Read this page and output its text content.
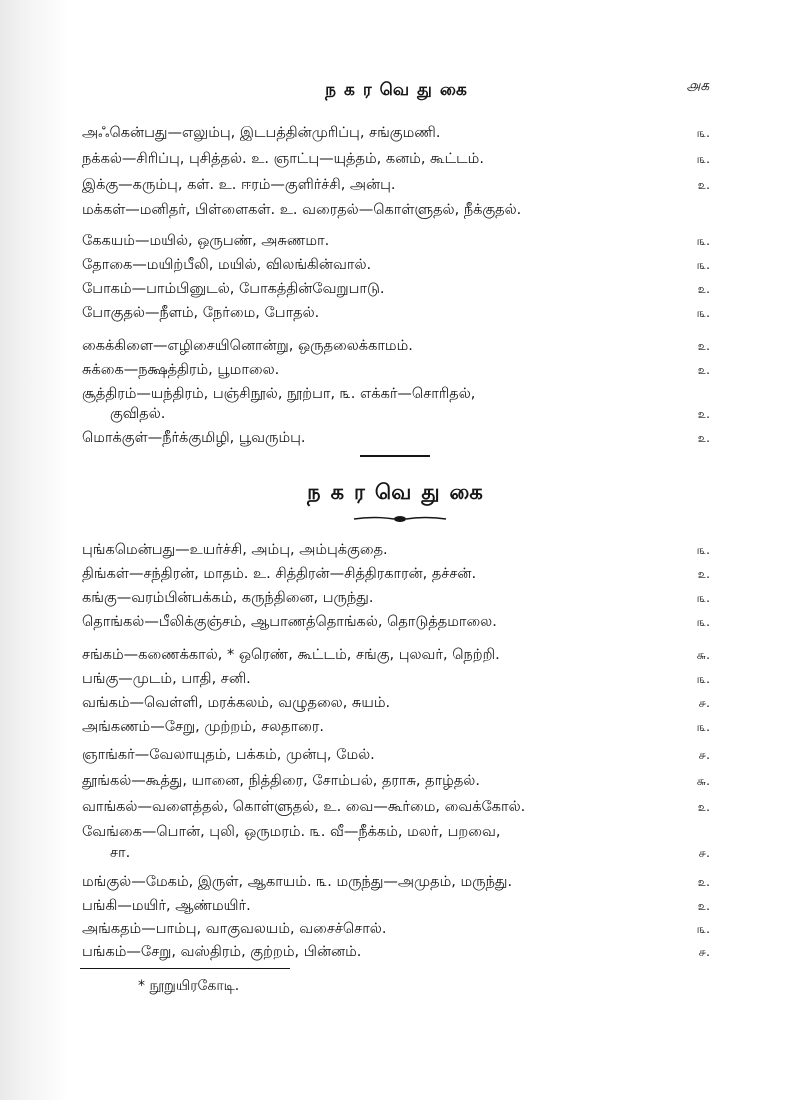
நகரவெதுகை	௮௧
அஃகென்பது—எலும்பு, இடபத்தின்முரிப்பு, சங்குமணி.	௩.
நக்கல்—சிரிப்பு, புசித்தல். உ. ஞாட்பு—யுத்தம், கனம், கூட்டம்.	௩.
இக்கு—கரும்பு, கள். உ. ஈரம்—குளிர்ச்சி, அன்பு.	௨.
மக்கள்—மனிதர், பிள்ளைகள். உ. வரைதல்—கொள்ளுதல், நீக்குதல்.
கேகயம்—மயில், ஒருபண், அசுணமா.	௩.
தோகை—மயிற்பீலி, மயில், விலங்கின்வால்.	௩.
போகம்—பாம்பினுடல், போகத்தின்வேறுபாடு.	௨.
போகுதல்—நீளம், நேர்மை, போதல்.	௩.
கைக்கிளை—எழிசையினொன்று, ஒருதலைக்காமம்.	௨.
சுக்கை—நக்ஷத்திரம், பூமாலை.	௨.
சூத்திரம்—யந்திரம், பஞ்சிநூல், நூற்பா, ௩. எக்கர்—சொரிதல்,
குவிதல்.	௨.
மொக்குள்—நீர்க்குமிழி, பூவரும்பு.	௨.
நகரவெதுகை
புங்கமென்பது—உயர்ச்சி, அம்பு, அம்புக்குதை.	௩.
திங்கள்—சந்திரன், மாதம். உ. சித்திரன்—சித்திரகாரன், தச்சன்.	௨.
கங்கு—வரம்பின்பக்கம், கருந்தினை, பருந்து.	௩.
தொங்கல்—பீலிக்குஞ்சம், ஆபாணத்தொங்கல், தொடுத்தமாலை.	௩.
சங்கம்—கணைக்கால், * ஒரெண், கூட்டம், சங்கு, புலவர், நெற்றி.	௬.
பங்கு—முடம், பாதி, சனி.	௩.
வங்கம்—வெள்ளி, மரக்கலம், வழுதலை, சுயம்.	௪.
அங்கணம்—சேறு, முற்றம், சலதாரை.	௩.
ஞாங்கர்—வேலாயுதம், பக்கம், முன்பு, மேல்.	௪.
தூங்கல்—கூத்து, யானை, நித்திரை, சோம்பல், தராசு, தாழ்தல்.	௬.
வாங்கல்—வளைத்தல், கொள்ளுதல், உ. வை—கூர்மை, வைக்கோல்.	௨.
வேங்கை—பொன், புலி, ஒருமரம். ௩. வீ—நீக்கம், மலர், பறவை,
சா.	௪.
மங்குல்—மேகம், இருள், ஆகாயம். ௩. மருந்து—அமுதம், மருந்து.	௨.
பங்கி—மயிர், ஆண்மயிர்.	௨.
அங்கதம்—பாம்பு, வாகுவலயம், வசைச்சொல்.	௩.
பங்கம்—சேறு, வஸ்திரம், குற்றம், பின்னம்.	௪.
* நூறுயிரகோடி.
